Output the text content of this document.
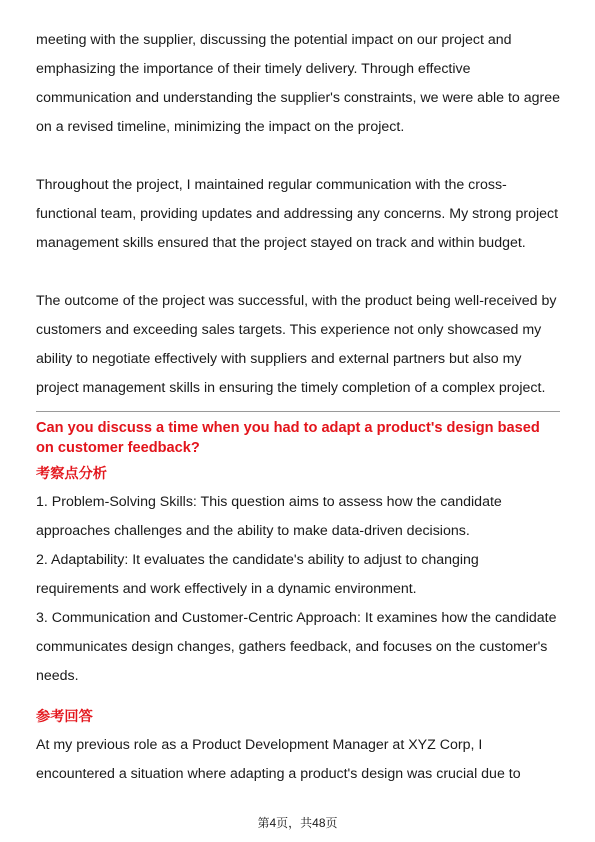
meeting with the supplier, discussing the potential impact on our project and emphasizing the importance of their timely delivery. Through effective communication and understanding the supplier's constraints, we were able to agree on a revised timeline, minimizing the impact on the project.

Throughout the project, I maintained regular communication with the cross-functional team, providing updates and addressing any concerns. My strong project management skills ensured that the project stayed on track and within budget.

The outcome of the project was successful, with the product being well-received by customers and exceeding sales targets. This experience not only showcased my ability to negotiate effectively with suppliers and external partners but also my project management skills in ensuring the timely completion of a complex project.

Can you discuss a time when you had to adapt a product's design based on customer feedback?

考察点分析

1. Problem-Solving Skills: This question aims to assess how the candidate approaches challenges and the ability to make data-driven decisions.

2. Adaptability: It evaluates the candidate's ability to adjust to changing requirements and work effectively in a dynamic environment.

3. Communication and Customer-Centric Approach: It examines how the candidate communicates design changes, gathers feedback, and focuses on the customer's needs.

参考回答

At my previous role as a Product Development Manager at XYZ Corp, I encountered a situation where adapting a product's design was crucial due to

第4页，共48页
